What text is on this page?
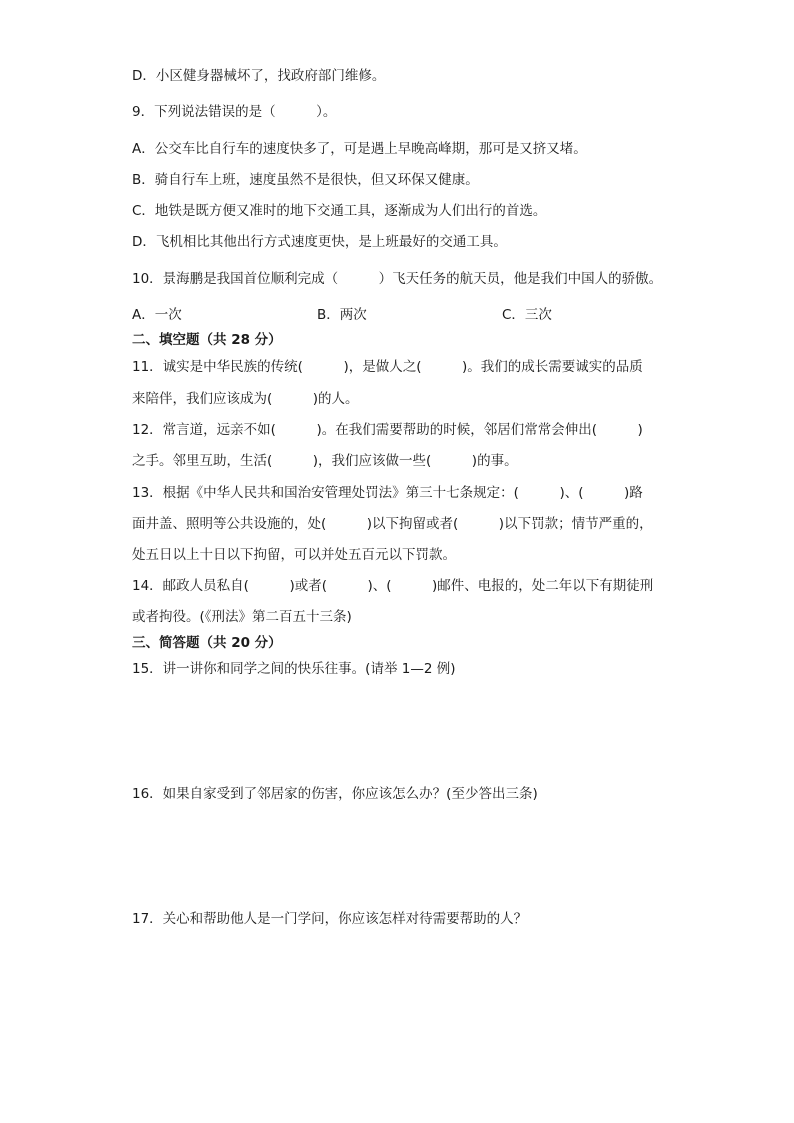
D．小区健身器械坏了，找政府部门维修。
9．下列说法错误的是（　　　）。
A．公交车比自行车的速度快多了，可是遇上早晚高峰期，那可是又挤又堵。
B．骑自行车上班，速度虽然不是很快，但又环保又健康。
C．地铁是既方便又准时的地下交通工具，逐渐成为人们出行的首选。
D．飞机相比其他出行方式速度更快，是上班最好的交通工具。
10．景海鹏是我国首位顺利完成（　　　）飞天任务的航天员，他是我们中国人的骄傲。
A．一次	B．两次	C．三次
二、填空题（共 28 分）
11．诚实是中华民族的传统(　　　)，是做人之(　　　)。我们的成长需要诚实的品质
来陪伴，我们应该成为(　　　)的人。
12．常言道，远亲不如(　　　)。在我们需要帮助的时候，邻居们常常会伸出(　　　)
之手。邻里互助，生活(　　　)，我们应该做一些(　　　)的事。
13．根据《中华人民共和国治安管理处罚法》第三十七条规定：(　　　)、(　　　)路
面井盖、照明等公共设施的，处(　　　)以下拘留或者(　　　)以下罚款；情节严重的，
处五日以上十日以下拘留，可以并处五百元以下罚款。
14．邮政人员私自(　　　)或者(　　　)、(　　　)邮件、电报的，处二年以下有期徒刑
或者拘役。(《刑法》第二百五十三条)
三、简答题（共 20 分）
15．讲一讲你和同学之间的快乐往事。(请举 1—2 例)
16．如果自家受到了邻居家的伤害，你应该怎么办？(至少答出三条)
17．关心和帮助他人是一门学问，你应该怎样对待需要帮助的人？
